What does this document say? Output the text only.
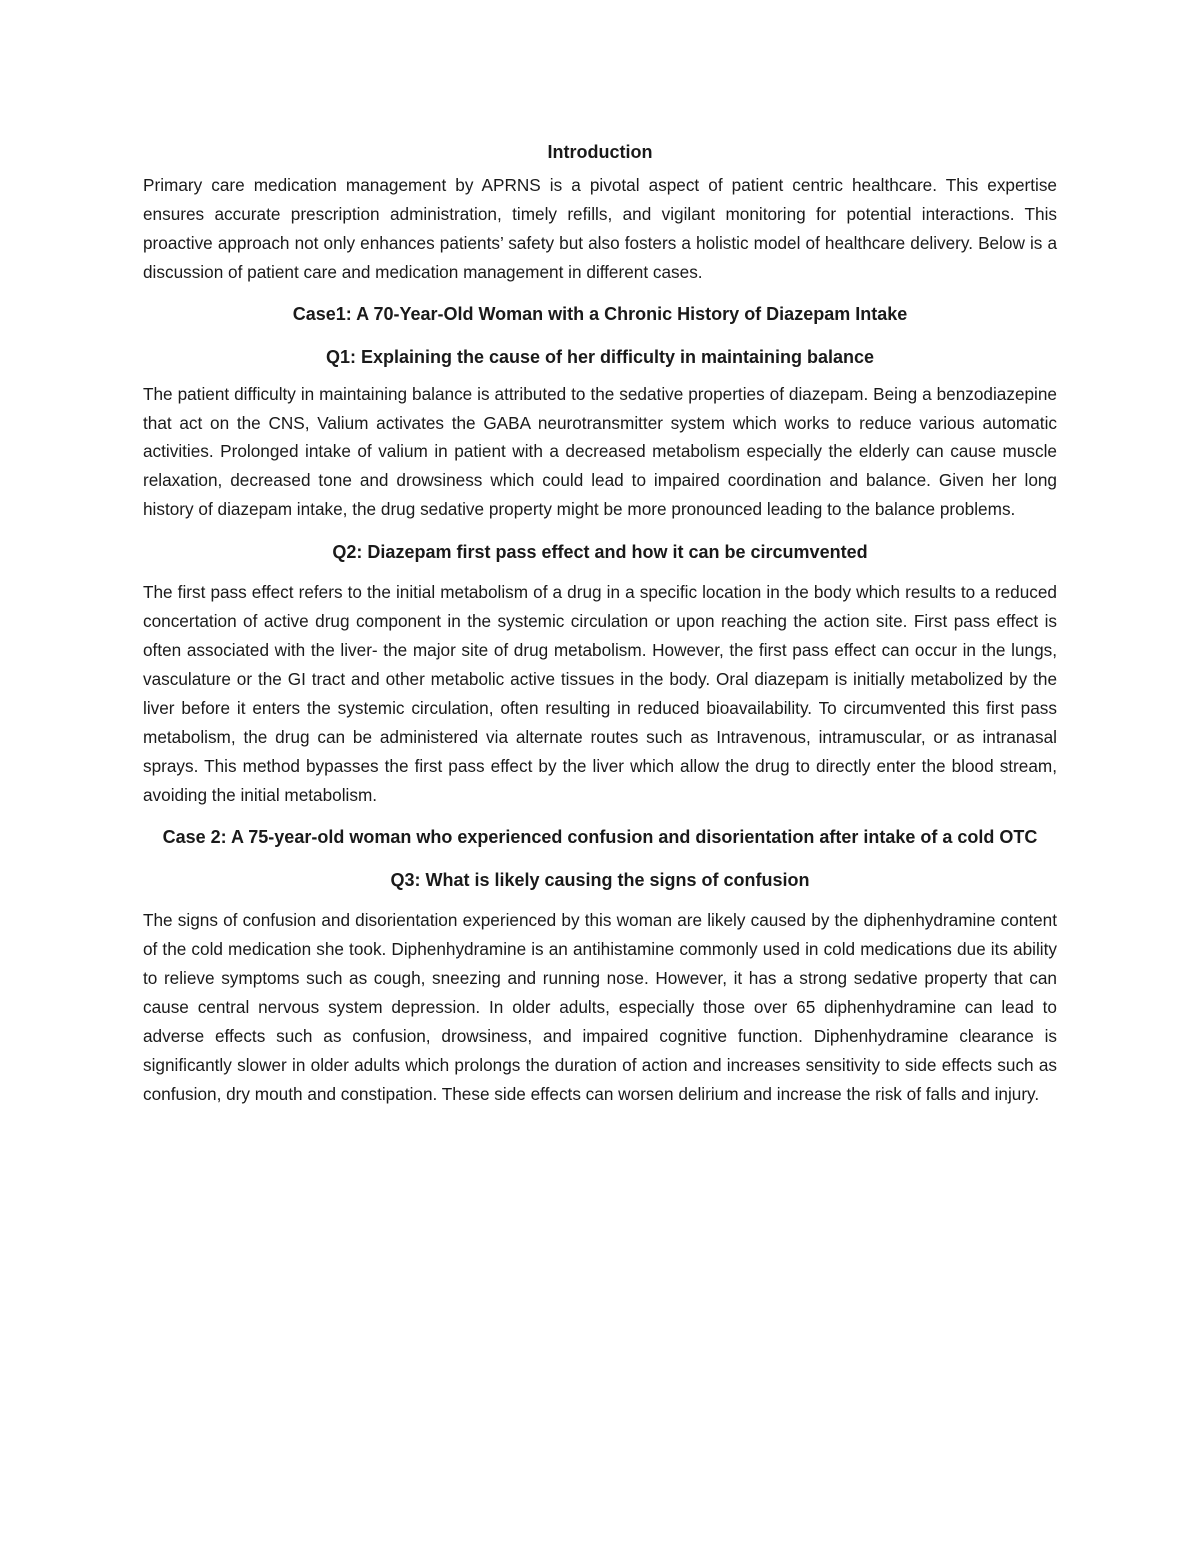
Introduction

Primary care medication management by APRNS is a pivotal aspect of patient centric healthcare. This expertise ensures accurate prescription administration, timely refills, and vigilant monitoring for potential interactions. This proactive approach not only enhances patients’ safety but also fosters a holistic model of healthcare delivery. Below is a discussion of patient care and medication management in different cases.

Case1: A 70-Year-Old Woman with a Chronic History of Diazepam Intake
Q1: Explaining the cause of her difficulty in maintaining balance

The patient difficulty in maintaining balance is attributed to the sedative properties of diazepam. Being a benzodiazepine that act on the CNS, Valium activates the GABA neurotransmitter system which works to reduce various automatic activities. Prolonged intake of valium in patient with a decreased metabolism especially the elderly can cause muscle relaxation, decreased tone and drowsiness which could lead to impaired coordination and balance. Given her long history of diazepam intake, the drug sedative property might be more pronounced leading to the balance problems.

Q2: Diazepam first pass effect and how it can be circumvented

The first pass effect refers to the initial metabolism of a drug in a specific location in the body which results to a reduced concertation of active drug component in the systemic circulation or upon reaching the action site. First pass effect is often associated with the liver- the major site of drug metabolism. However, the first pass effect can occur in the lungs, vasculature or the GI tract and other metabolic active tissues in the body. Oral diazepam is initially metabolized by the liver before it enters the systemic circulation, often resulting in reduced bioavailability. To circumvented this first pass metabolism, the drug can be administered via alternate routes such as Intravenous, intramuscular, or as intranasal sprays. This method bypasses the first pass effect by the liver which allow the drug to directly enter the blood stream, avoiding the initial metabolism.

Case 2: A 75-year-old woman who experienced confusion and disorientation after intake of a cold OTC
Q3: What is likely causing the signs of confusion

The signs of confusion and disorientation experienced by this woman are likely caused by the diphenhydramine content of the cold medication she took. Diphenhydramine is an antihistamine commonly used in cold medications due its ability to relieve symptoms such as cough, sneezing and running nose. However, it has a strong sedative property that can cause central nervous system depression. In older adults, especially those over 65 diphenhydramine can lead to adverse effects such as confusion, drowsiness, and impaired cognitive function. Diphenhydramine clearance is significantly slower in older adults which prolongs the duration of action and increases sensitivity to side effects such as confusion, dry mouth and constipation. These side effects can worsen delirium and increase the risk of falls and injury.
